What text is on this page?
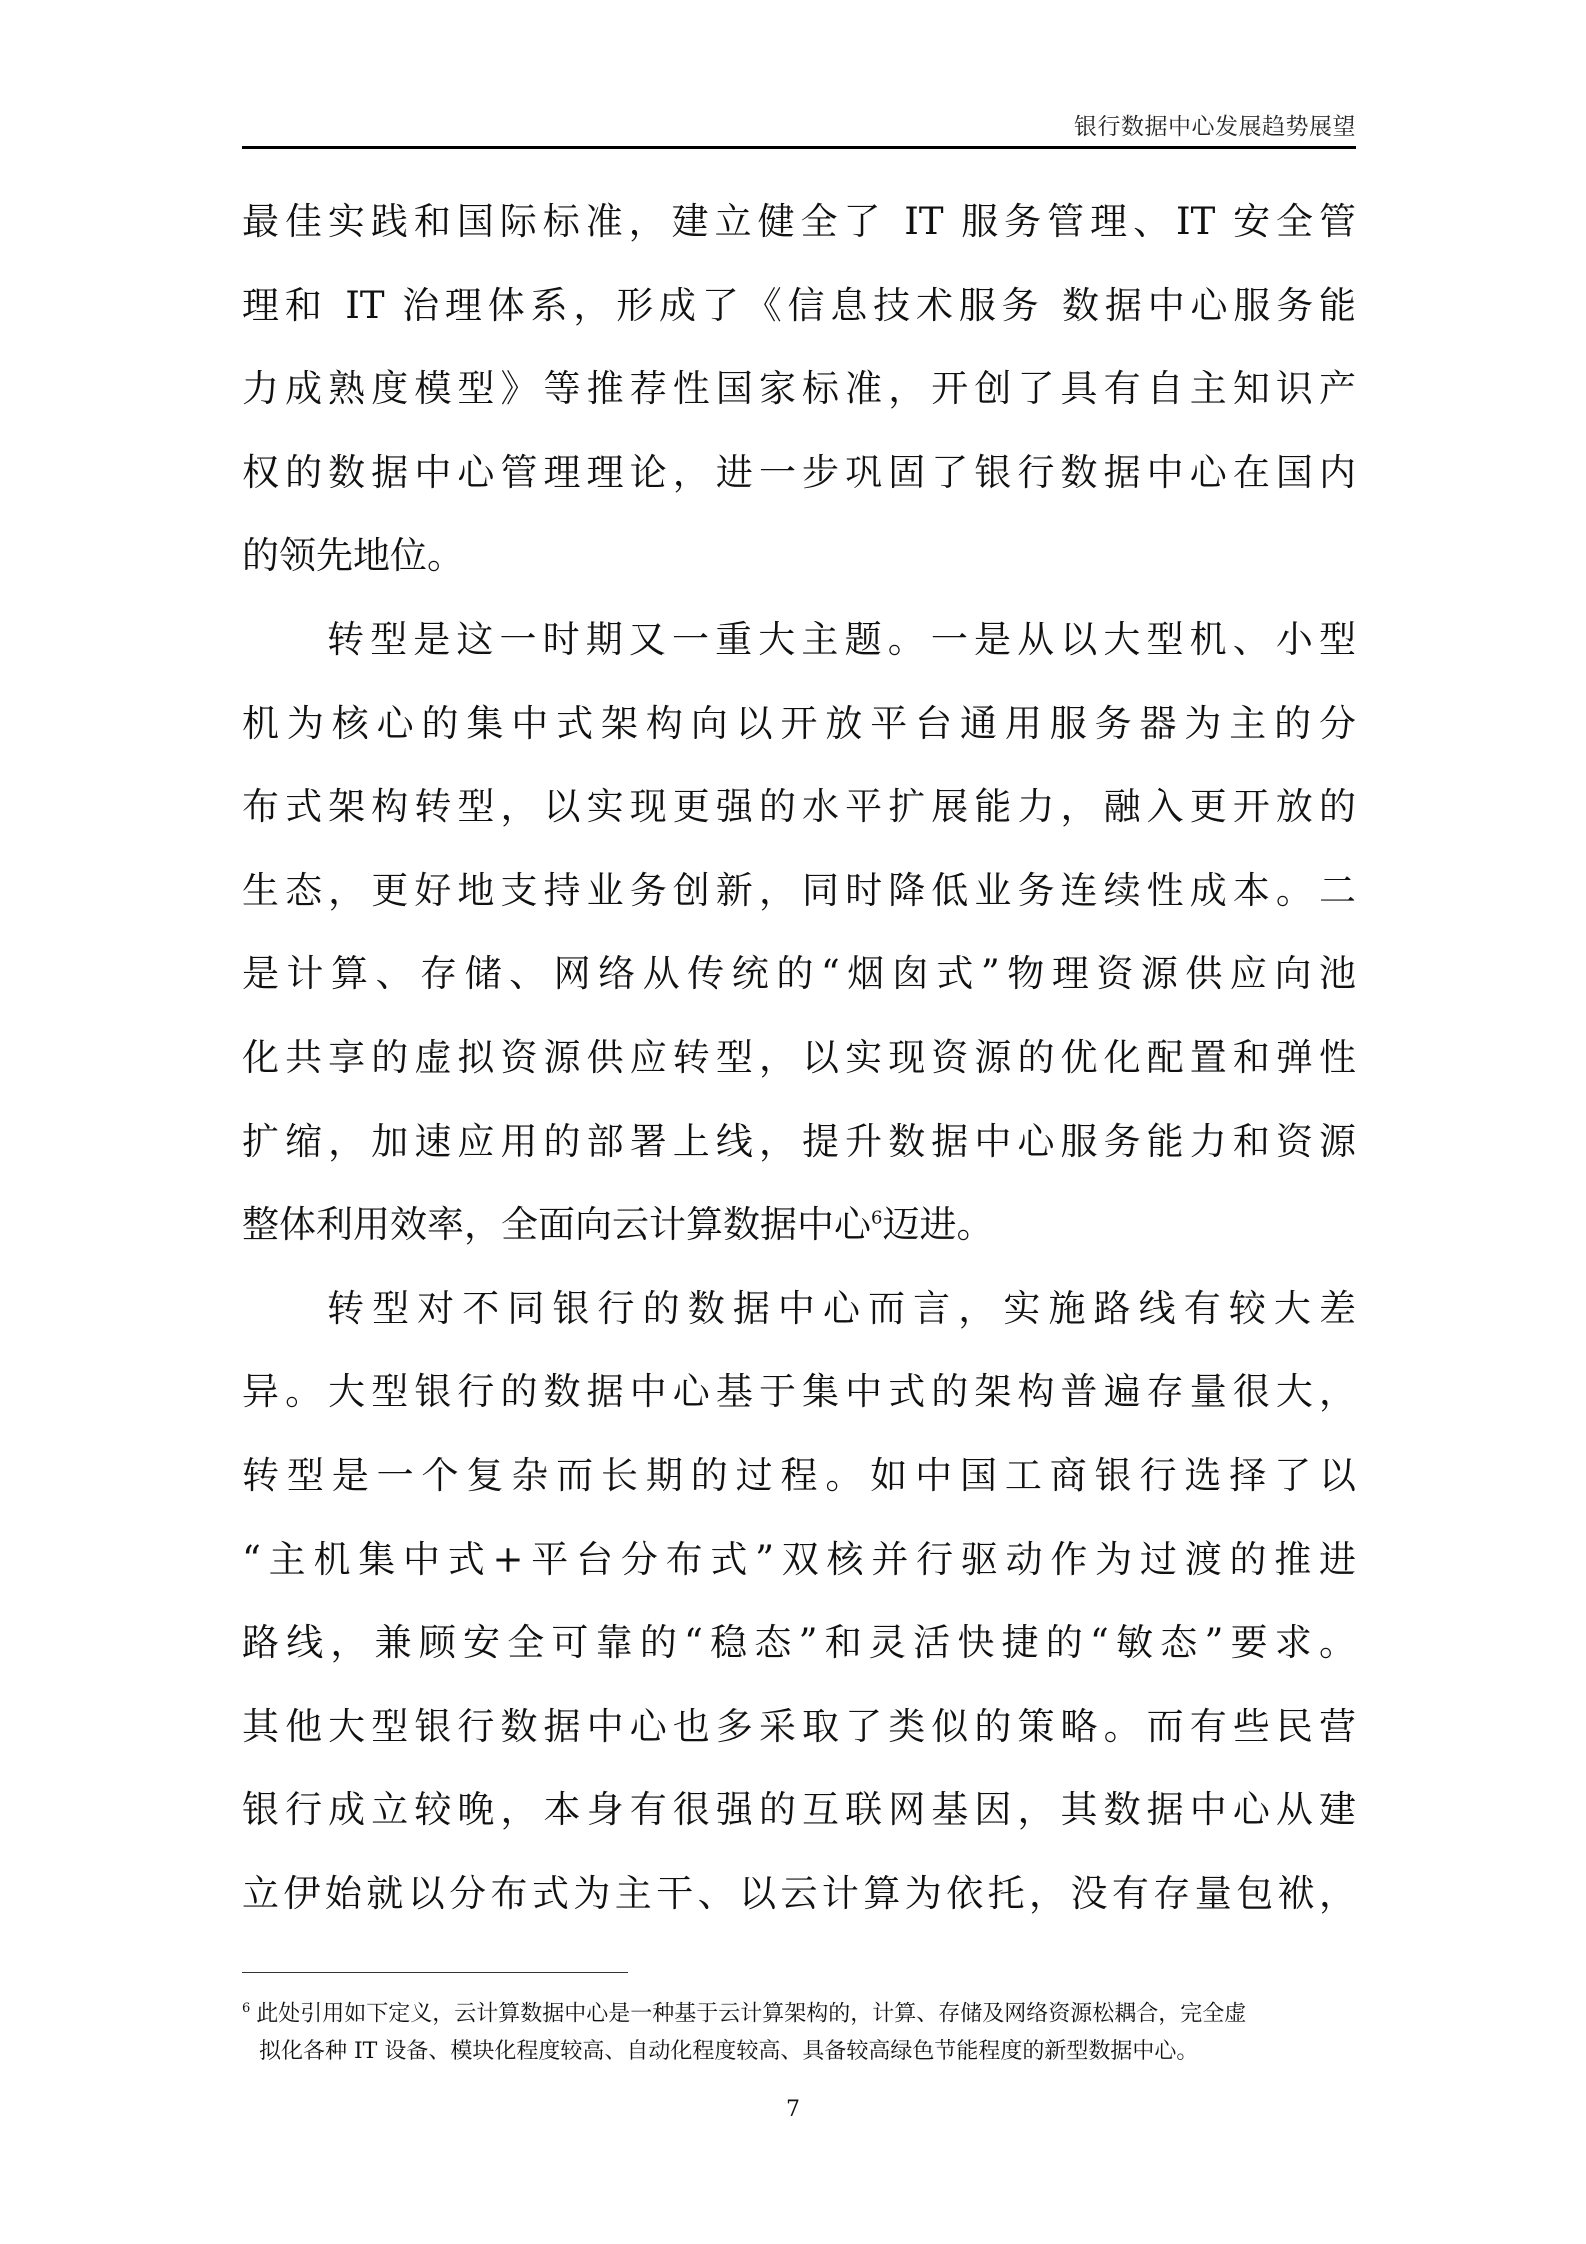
银行数据中心发展趋势展望
最佳实践和国际标准，建立健全了 IT 服务管理、IT 安全管
理和 IT 治理体系，形成了《信息技术服务 数据中心服务能
力成熟度模型》等推荐性国家标准，开创了具有自主知识产
权的数据中心管理理论，进一步巩固了银行数据中心在国内
的领先地位。
转型是这一时期又一重大主题。一是从以大型机、小型
机为核心的集中式架构向以开放平台通用服务器为主的分
布式架构转型，以实现更强的水平扩展能力，融入更开放的
生态，更好地支持业务创新，同时降低业务连续性成本。二
是计算、存储、网络从传统的“烟囱式”物理资源供应向池
化共享的虚拟资源供应转型，以实现资源的优化配置和弹性
扩缩，加速应用的部署上线，提升数据中心服务能力和资源
整体利用效率，全面向云计算数据中心$^6$迈进。
转型对不同银行的数据中心而言，实施路线有较大差
异。大型银行的数据中心基于集中式的架构普遍存量很大，
转型是一个复杂而长期的过程。如中国工商银行选择了以
“主机集中式+平台分布式”双核并行驱动作为过渡的推进
路线，兼顾安全可靠的“稳态”和灵活快捷的“敏态”要求。
其他大型银行数据中心也多采取了类似的策略。而有些民营
银行成立较晚，本身有很强的互联网基因，其数据中心从建
立伊始就以分布式为主干、以云计算为依托，没有存量包袱，
$^6$ 此处引用如下定义，云计算数据中心是一种基于云计算架构的，计算、存储及网络资源松耦合，完全虚
拟化各种 IT 设备、模块化程度较高、自动化程度较高、具备较高绿色节能程度的新型数据中心。
7
